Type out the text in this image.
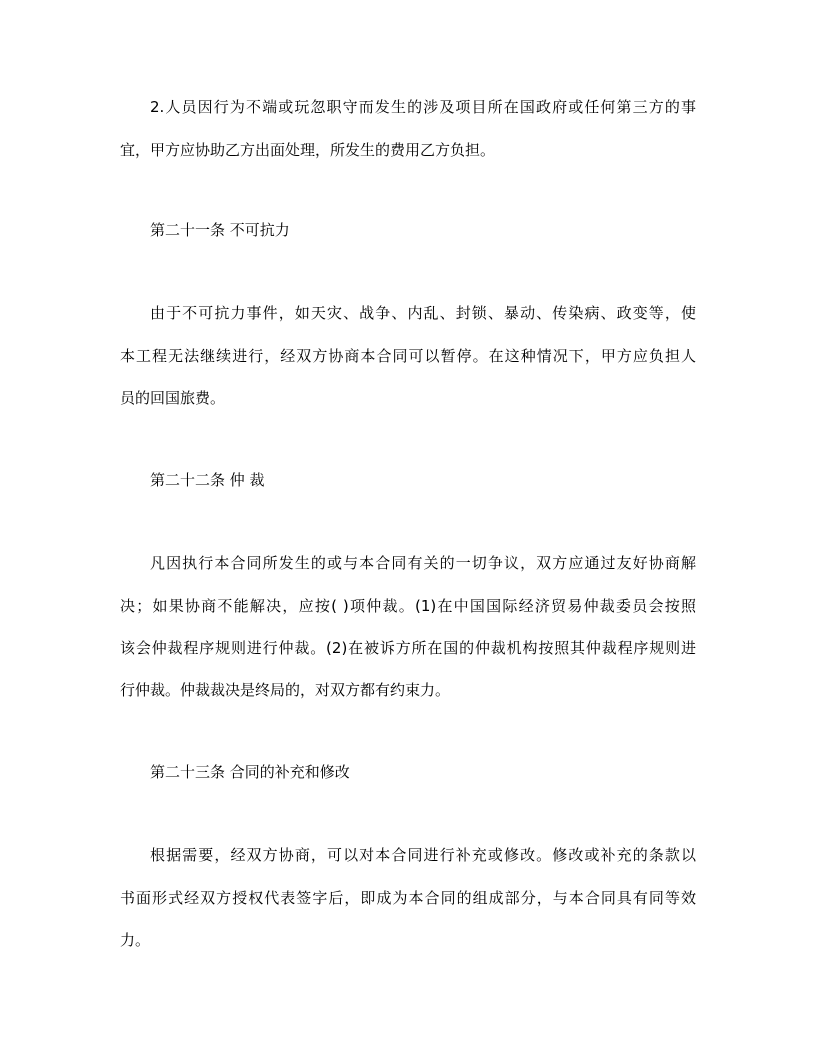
2.人员因行为不端或玩忽职守而发生的涉及项目所在国政府或任何第三方的事
宜，甲方应协助乙方出面处理，所发生的费用乙方负担。
第二十一条 不可抗力
由于不可抗力事件，如天灾、战争、内乱、封锁、暴动、传染病、政变等，使
本工程无法继续进行，经双方协商本合同可以暂停。在这种情况下，甲方应负担人
员的回国旅费。
第二十二条 仲 裁
凡因执行本合同所发生的或与本合同有关的一切争议，双方应通过友好协商解
决；如果协商不能解决，应按( )项仲裁。(1)在中国国际经济贸易仲裁委员会按照
该会仲裁程序规则进行仲裁。(2)在被诉方所在国的仲裁机构按照其仲裁程序规则进
行仲裁。仲裁裁决是终局的，对双方都有约束力。
第二十三条 合同的补充和修改
根据需要，经双方协商，可以对本合同进行补充或修改。修改或补充的条款以
书面形式经双方授权代表签字后，即成为本合同的组成部分，与本合同具有同等效
力。
